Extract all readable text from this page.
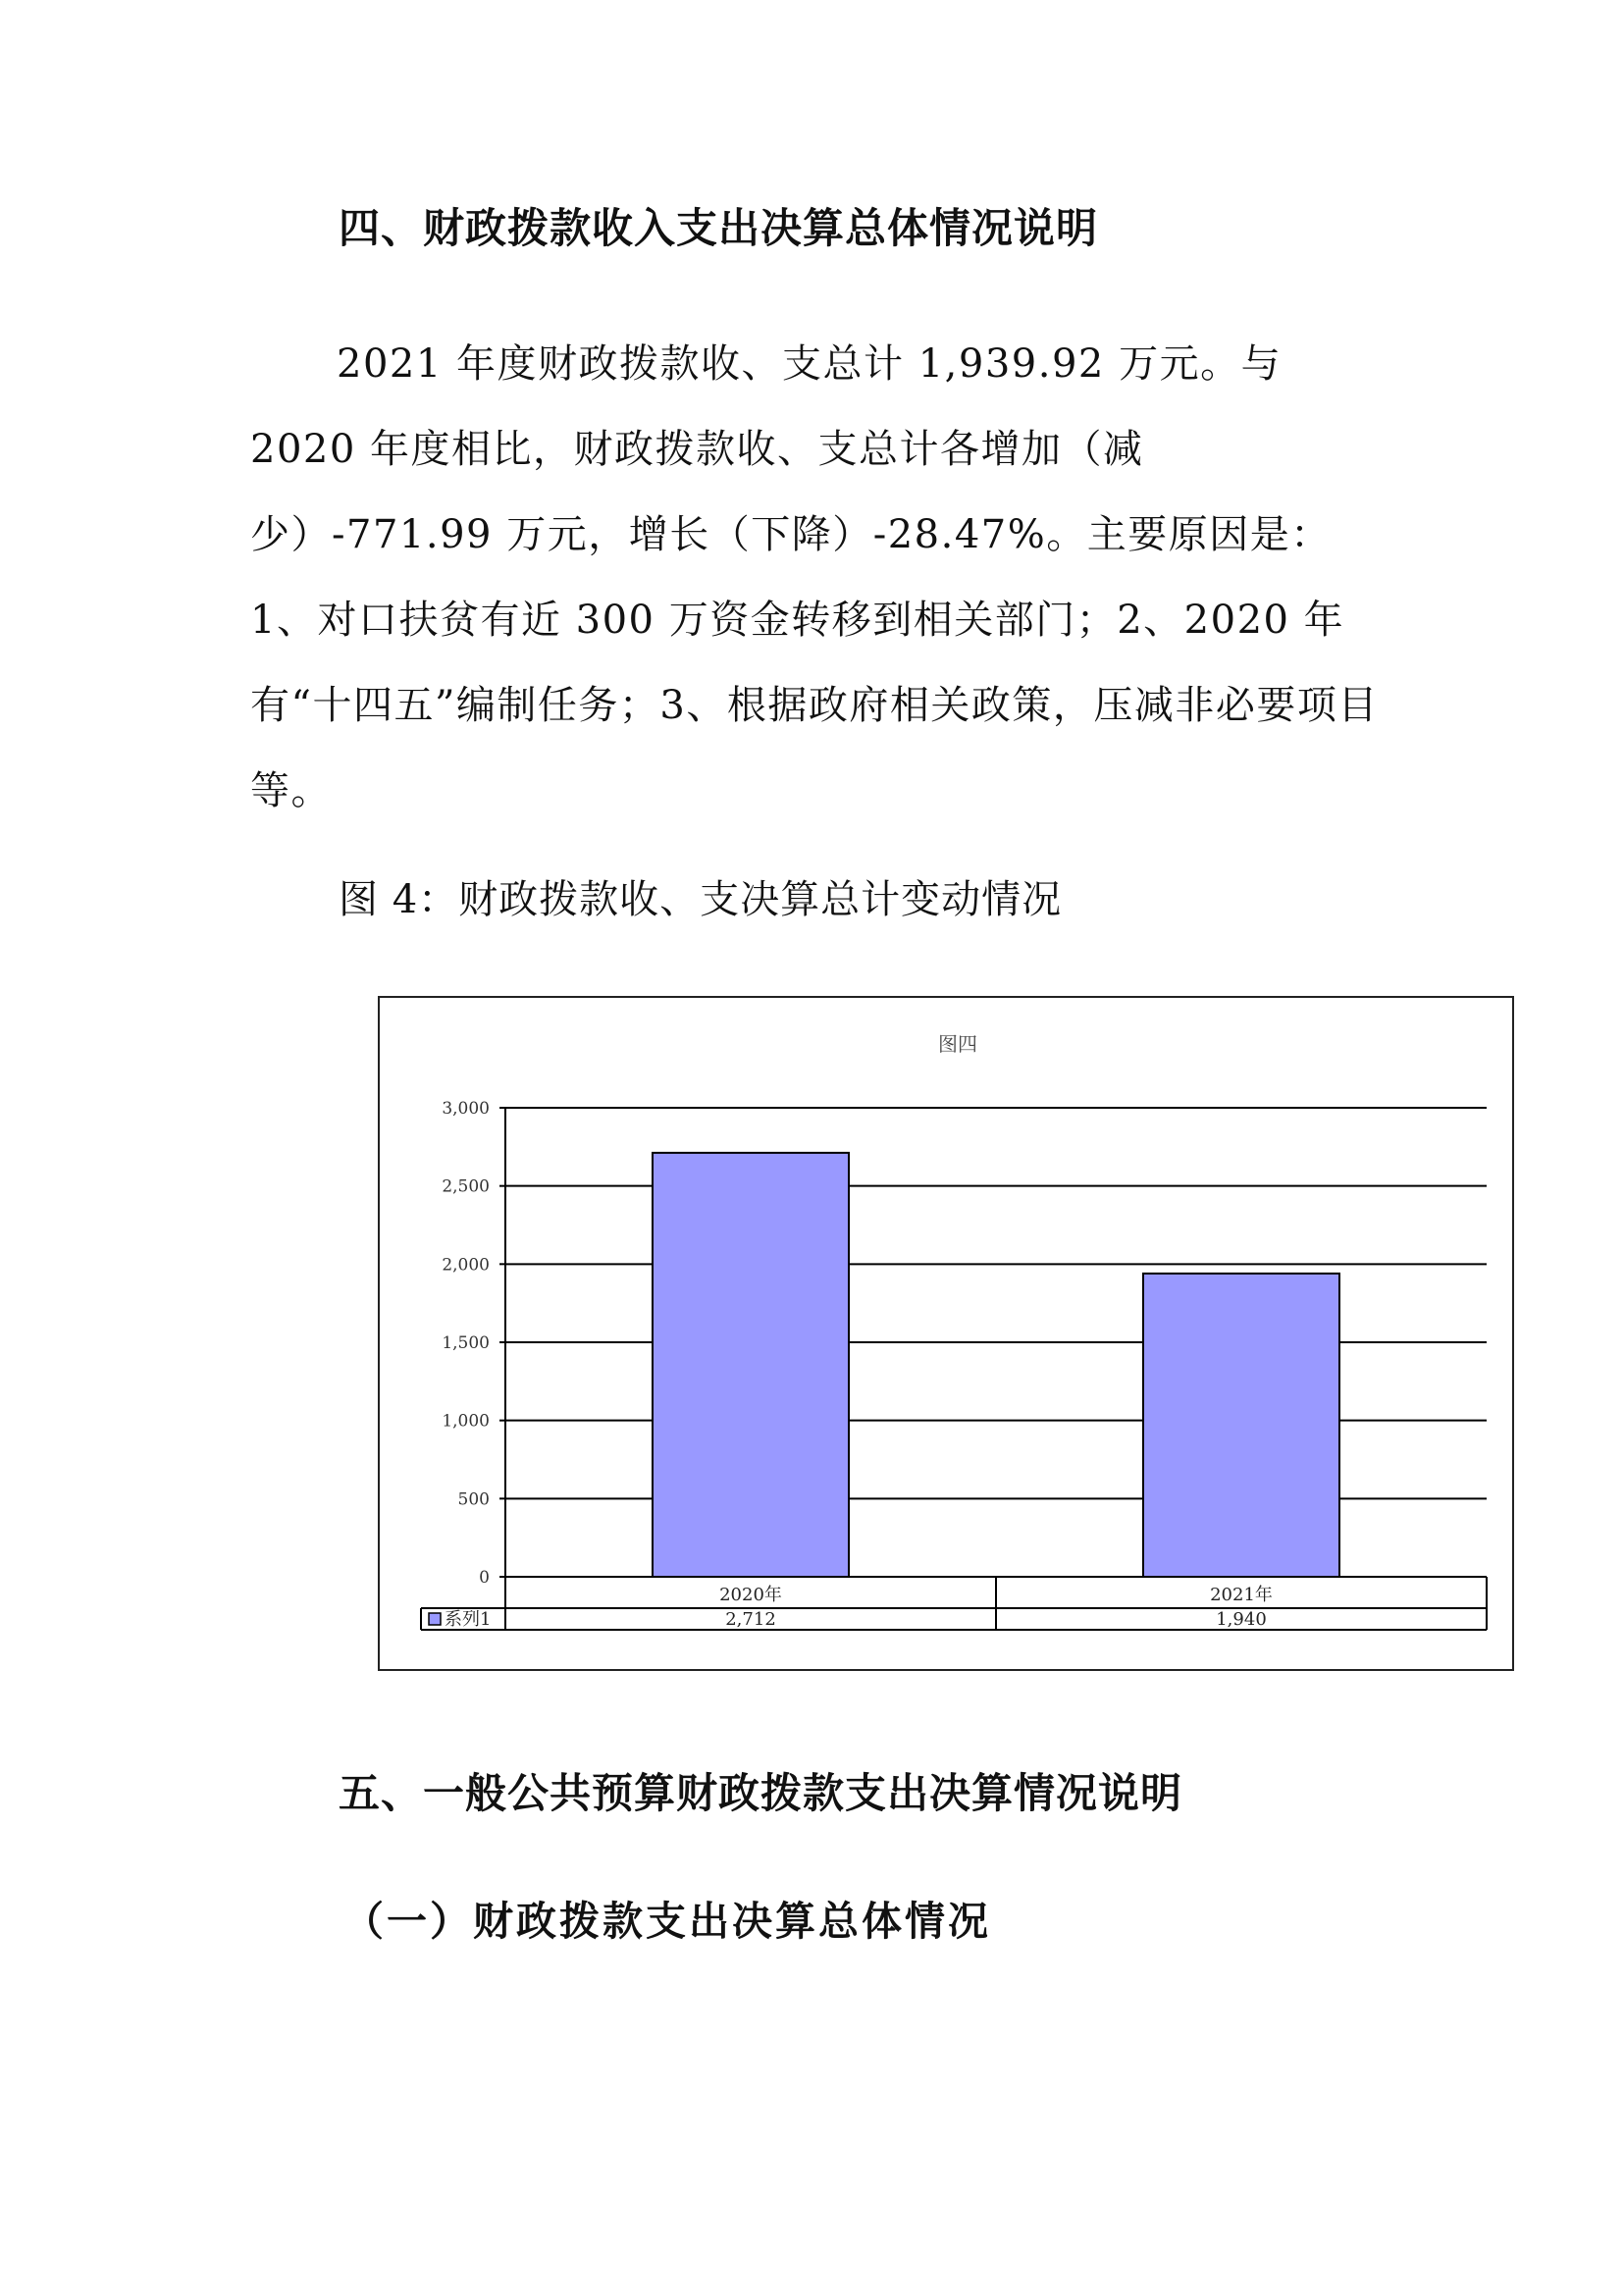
四、财政拨款收入支出决算总体情况说明

2021 年度财政拨款收、支总计 1,939.92 万元。与 2020 年度相比，财政拨款收、支总计各增加（减少）-771.99 万元，增长（下降）-28.47%。主要原因是：1、对口扶贫有近 300 万资金转移到相关部门；2、2020 年有“十四五”编制任务；3、根据政府相关政策，压减非必要项目等。

图 4：财政拨款收、支决算总计变动情况

图四
0
500
1,000
1,500
2,000
2,500
3,000
2020年
2,712
2021年
1,940
系列1
五、一般公共预算财政拨款支出决算情况说明
（一）财政拨款支出决算总体情况
